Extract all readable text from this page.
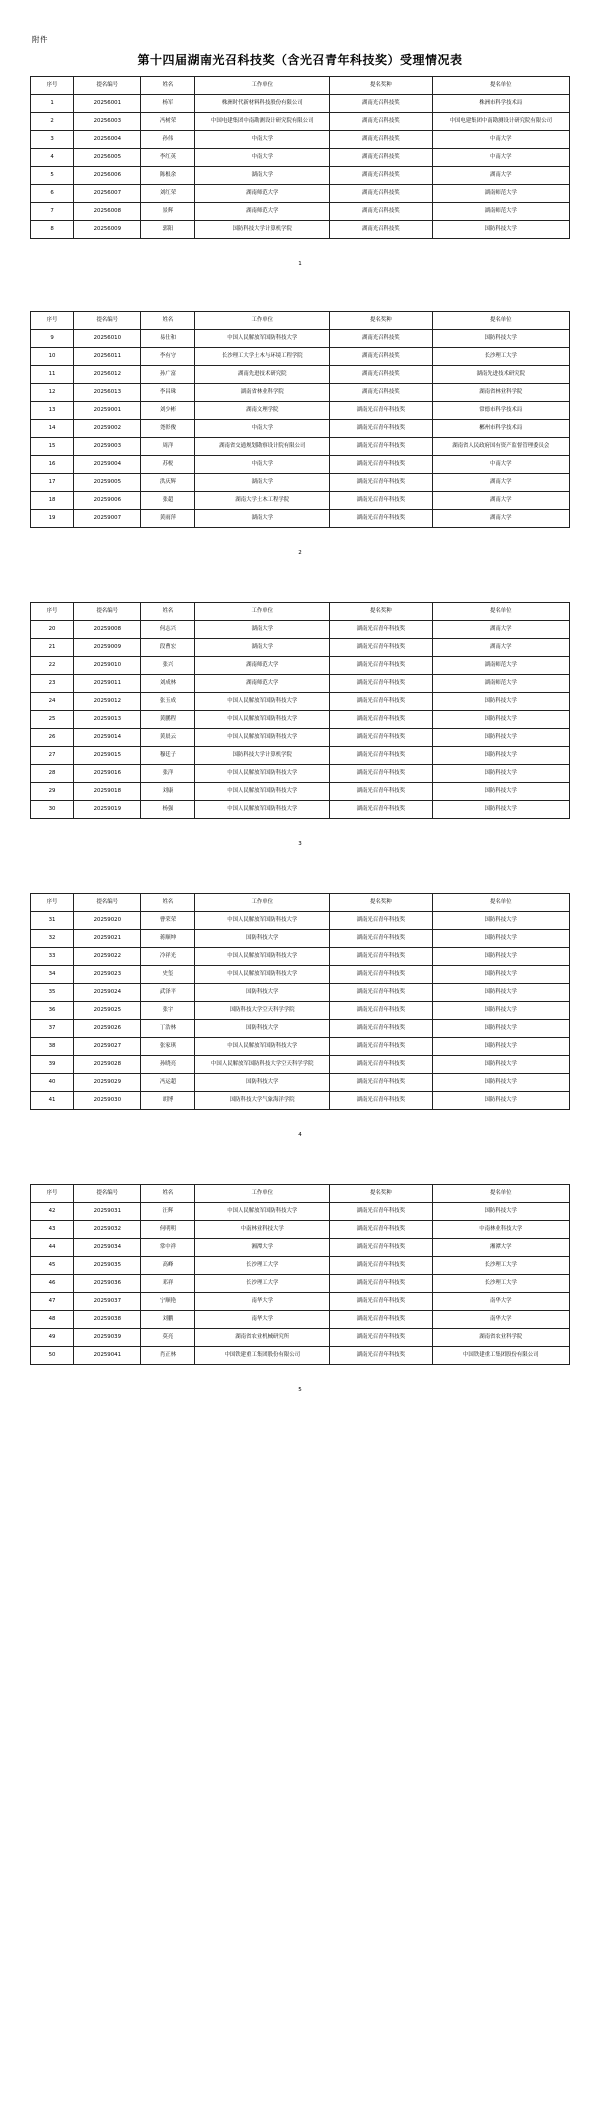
附件
第十四届湖南光召科技奖（含光召青年科技奖）受理情况表
序号	提名编号	姓名	工作单位	提名奖种	提名单位
1	20256001	杨军	株洲时代新材料科技股份有限公司	湖南光召科技奖	株洲市科学技术局
2	20256003	冯树荣	中国电建集团中南勘测设计研究院有限公司	湖南光召科技奖	中国电建集团中南勘测设计研究院有限公司
3	20256004	孙伟	中南大学	湖南光召科技奖	中南大学
4	20256005	李红英	中南大学	湖南光召科技奖	中南大学
5	20256006	陈根余	湖南大学	湖南光召科技奖	湖南大学
6	20256007	刘红荣	湖南师范大学	湖南光召科技奖	湖南师范大学
7	20256008	景辉	湖南师范大学	湖南光召科技奖	湖南师范大学
8	20256009	郭阳	国防科技大学计算机学院	湖南光召科技奖	国防科技大学
1
序号	提名编号	姓名	工作单位	提名奖种	提名单位
9	20256010	易仕和	中国人民解放军国防科技大学	湖南光召科技奖	国防科技大学
10	20256011	李有守	长沙理工大学土木与环境工程学院	湖南光召科技奖	长沙理工大学
11	20256012	孙广富	湖南先进技术研究院	湖南光召科技奖	湖南先进技术研究院
12	20256013	李昌珠	湖南省林业科学院	湖南光召科技奖	湖南省林业科学院
13	20259001	刘少彬	湖南文理学院	湖南光召青年科技奖	常德市科学技术局
14	20259002	尧彰俊	中南大学	湖南光召青年科技奖	郴州市科学技术局
15	20259003	周洋	湖南省交通规划勘察设计院有限公司	湖南光召青年科技奖	湖南省人民政府国有资产监督管理委员会
16	20259004	苏棁	中南大学	湖南光召青年科技奖	中南大学
17	20259005	洪庆辉	湖南大学	湖南光召青年科技奖	湖南大学
18	20259006	张超	湖南大学土木工程学院	湖南光召青年科技奖	湖南大学
19	20259007	黄雨萍	湖南大学	湖南光召青年科技奖	湖南大学
2
序号	提名编号	姓名	工作单位	提名奖种	提名单位
20	20259008	何志兴	湖南大学	湖南光召青年科技奖	湖南大学
21	20259009	段曹宏	湖南大学	湖南光召青年科技奖	湖南大学
22	20259010	张兴	湖南师范大学	湖南光召青年科技奖	湖南师范大学
23	20259011	刘成林	湖南师范大学	湖南光召青年科技奖	湖南师范大学
24	20259012	张玉成	中国人民解放军国防科技大学	湖南光召青年科技奖	国防科技大学
25	20259013	黄鹏程	中国人民解放军国防科技大学	湖南光召青年科技奖	国防科技大学
26	20259014	黄晨云	中国人民解放军国防科技大学	湖南光召青年科技奖	国防科技大学
27	20259015	穆廷子	国防科技大学计算机学院	湖南光召青年科技奖	国防科技大学
28	20259016	张洋	中国人民解放军国防科技大学	湖南光召青年科技奖	国防科技大学
29	20259018	刘康	中国人民解放军国防科技大学	湖南光召青年科技奖	国防科技大学
30	20259019	杨强	中国人民解放军国防科技大学	湖南光召青年科技奖	国防科技大学
3
序号	提名编号	姓名	工作单位	提名奖种	提名单位
31	20259020	曹荣荣	中国人民解放军国防科技大学	湖南光召青年科技奖	国防科技大学
32	20259021	蒋顺坤	国防科技大学	湖南光召青年科技奖	国防科技大学
33	20259022	冷祥光	中国人民解放军国防科技大学	湖南光召青年科技奖	国防科技大学
34	20259023	史玺	中国人民解放军国防科技大学	湖南光召青年科技奖	国防科技大学
35	20259024	武泽平	国防科技大学	湖南光召青年科技奖	国防科技大学
36	20259025	张宇	国防科技大学空天科学学院	湖南光召青年科技奖	国防科技大学
37	20259026	丁浩林	国防科技大学	湖南光召青年科技奖	国防科技大学
38	20259027	张家琪	中国人民解放军国防科技大学	湖南光召青年科技奖	国防科技大学
39	20259028	孙晓亮	中国人民解放军国防科技大学空天科学学院	湖南光召青年科技奖	国防科技大学
40	20259029	冯运超	国防科技大学	湖南光召青年科技奖	国防科技大学
41	20259030	胡博	国防科技大学气象海洋学院	湖南光召青年科技奖	国防科技大学
4
序号	提名编号	姓名	工作单位	提名奖种	提名单位
42	20259031	汪辉	中国人民解放军国防科技大学	湖南光召青年科技奖	国防科技大学
43	20259032	何明明	中南林业科技大学	湖南光召青年科技奖	中南林业科技大学
44	20259034	常中祥	湘潭大学	湖南光召青年科技奖	湘潭大学
45	20259035	高峰	长沙理工大学	湖南光召青年科技奖	长沙理工大学
46	20259036	邓祥	长沙理工大学	湖南光召青年科技奖	长沙理工大学
47	20259037	宁顺艳	南华大学	湖南光召青年科技奖	南华大学
48	20259038	刘鹏	南华大学	湖南光召青年科技奖	南华大学
49	20259039	莫亮	湖南省农业机械研究所	湖南光召青年科技奖	湖南省农业科学院
50	20259041	肖正林	中国铁建重工集团股份有限公司	湖南光召青年科技奖	中国铁建重工集团股份有限公司
5
